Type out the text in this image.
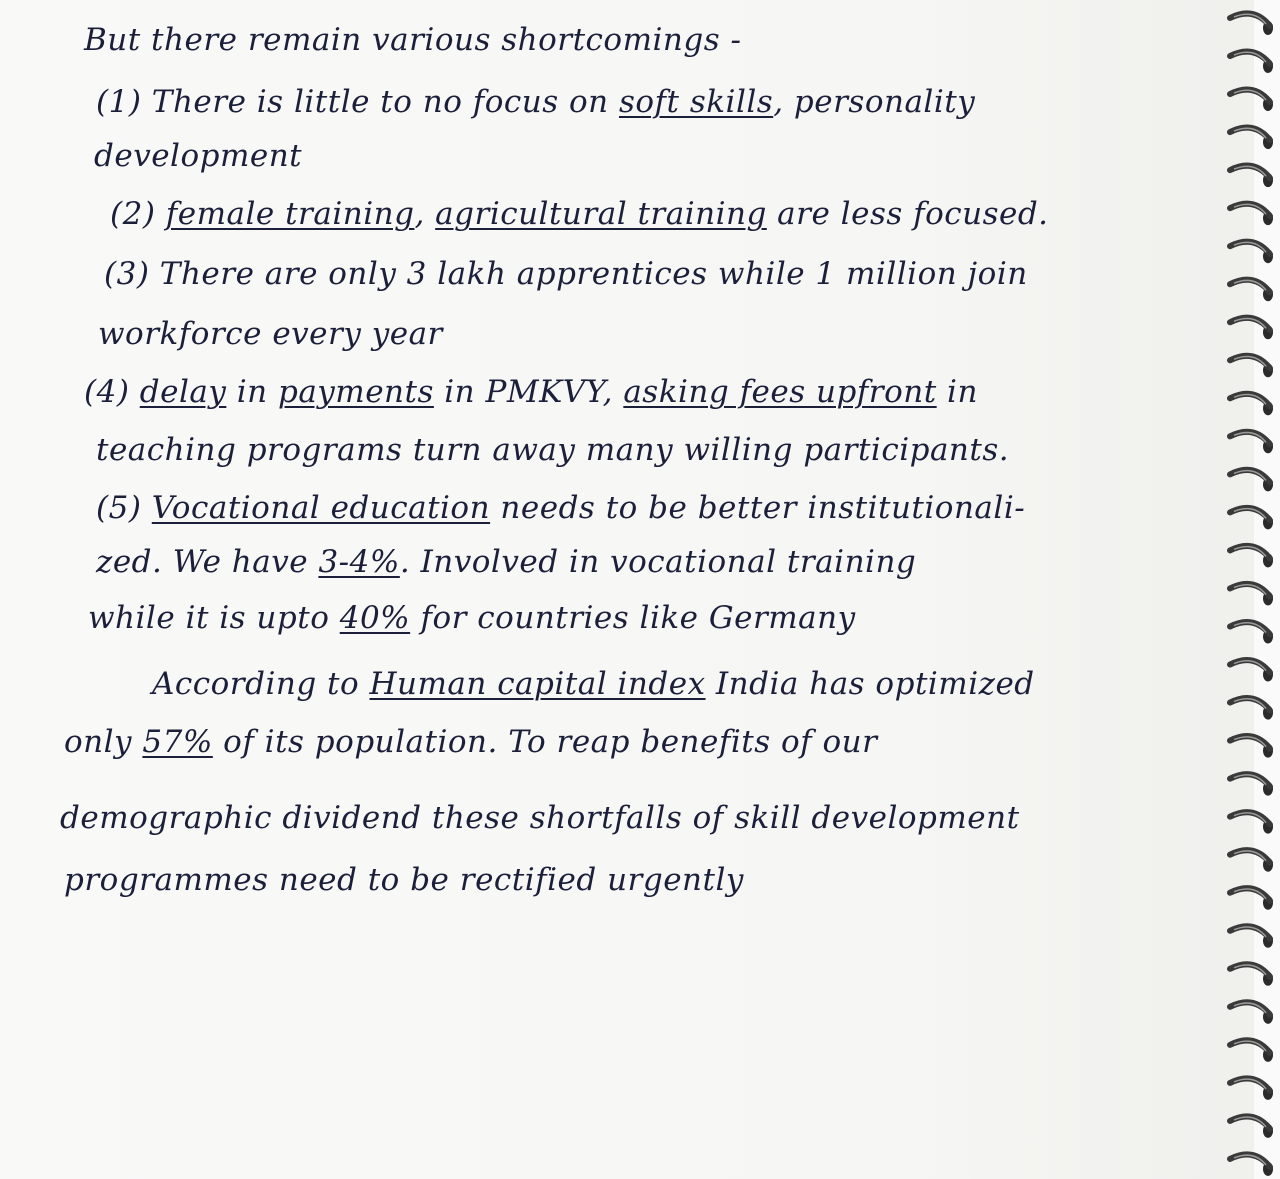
But there remain various shortcomings -
(1) There is little to no focus on soft skills, personality
development
(2) female training, agricultural training are less focused.
(3) There are only 3 lakh apprentices while 1 million join
workforce every year
(4) delay in payments in PMKVY, asking fees upfront in
teaching programs turn away many willing participants.
(5) Vocational education needs to be better institutionali-
zed. We have 3-4%. Involved in vocational training
while it is upto 40% for countries like Germany
According to Human capital index India has optimized
only 57% of its population. To reap benefits of our
demographic dividend these shortfalls of skill development
programmes need to be rectified urgently
